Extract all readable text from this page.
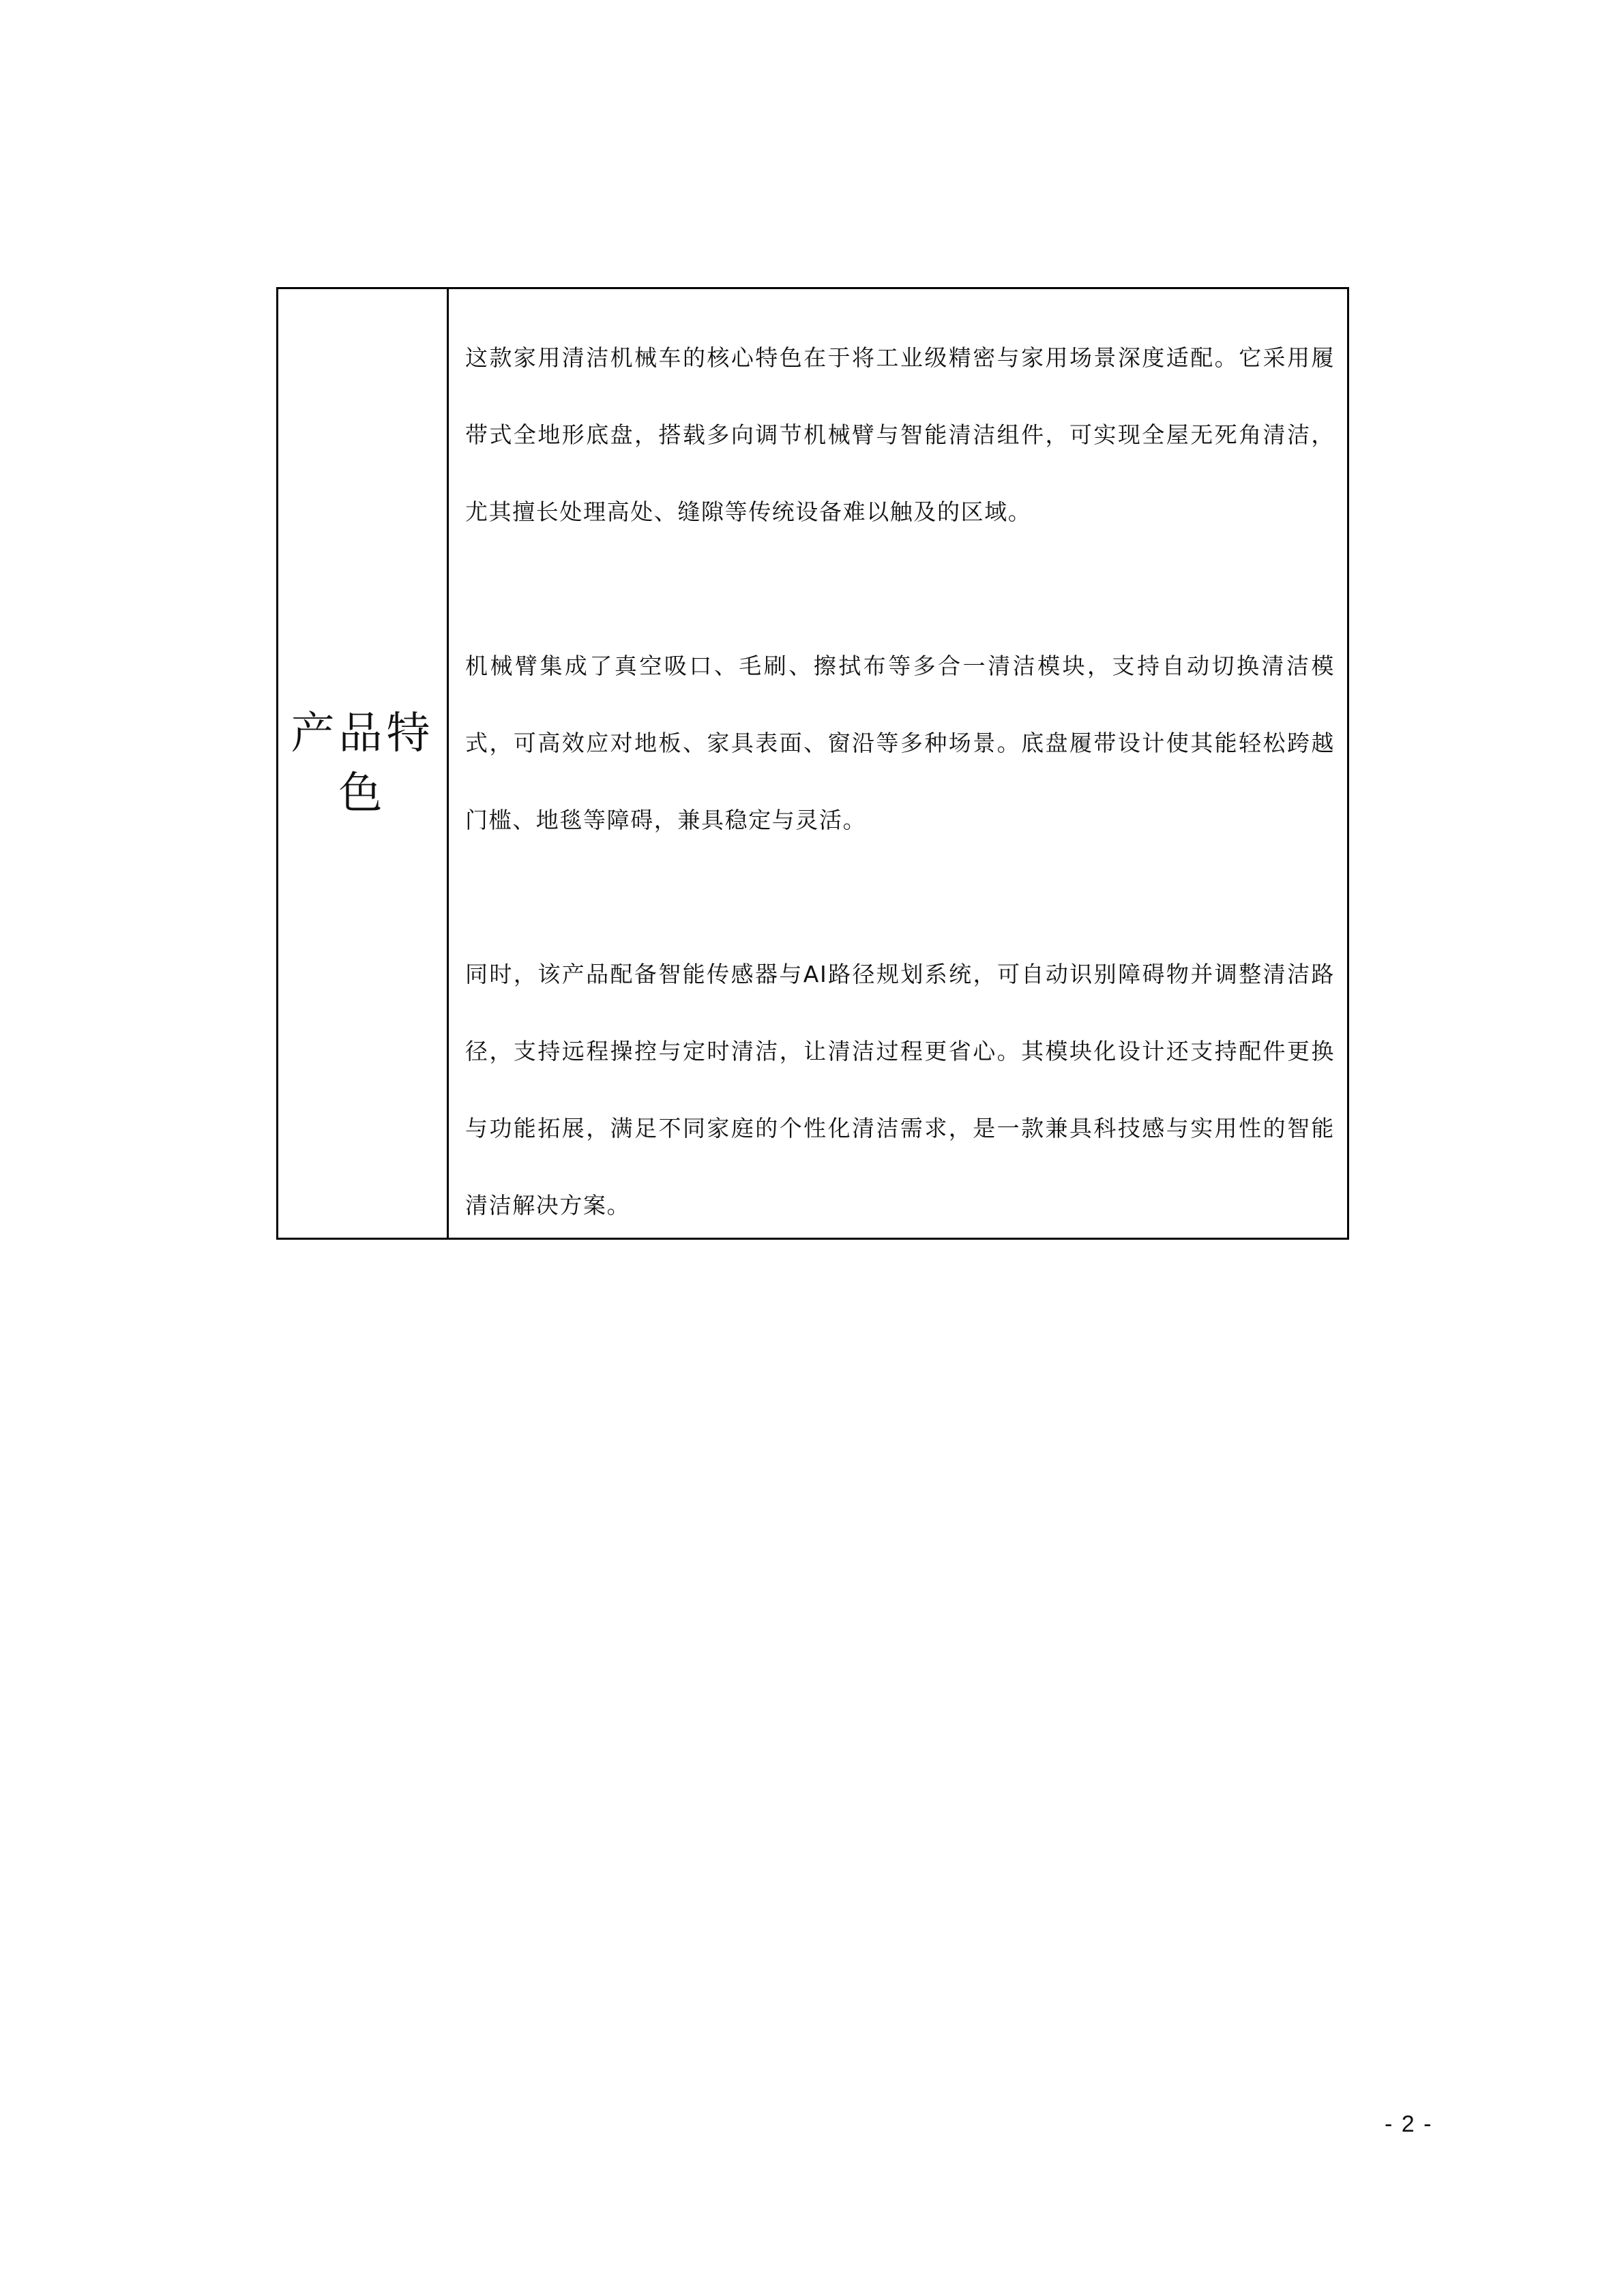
产品特色

这款家用清洁机械车的核心特色在于将工业级精密与家用场景深度适配。它采用履带式全地形底盘，搭载多向调节机械臂与智能清洁组件，可实现全屋无死角清洁，尤其擅长处理高处、缝隙等传统设备难以触及的区域。

机械臂集成了真空吸口、毛刷、擦拭布等多合一清洁模块，支持自动切换清洁模式，可高效应对地板、家具表面、窗沿等多种场景。底盘履带设计使其能轻松跨越门槛、地毯等障碍，兼具稳定与灵活。

同时，该产品配备智能传感器与AI路径规划系统，可自动识别障碍物并调整清洁路径，支持远程操控与定时清洁，让清洁过程更省心。其模块化设计还支持配件更换与功能拓展，满足不同家庭的个性化清洁需求，是一款兼具科技感与实用性的智能清洁解决方案。

- 2 -
